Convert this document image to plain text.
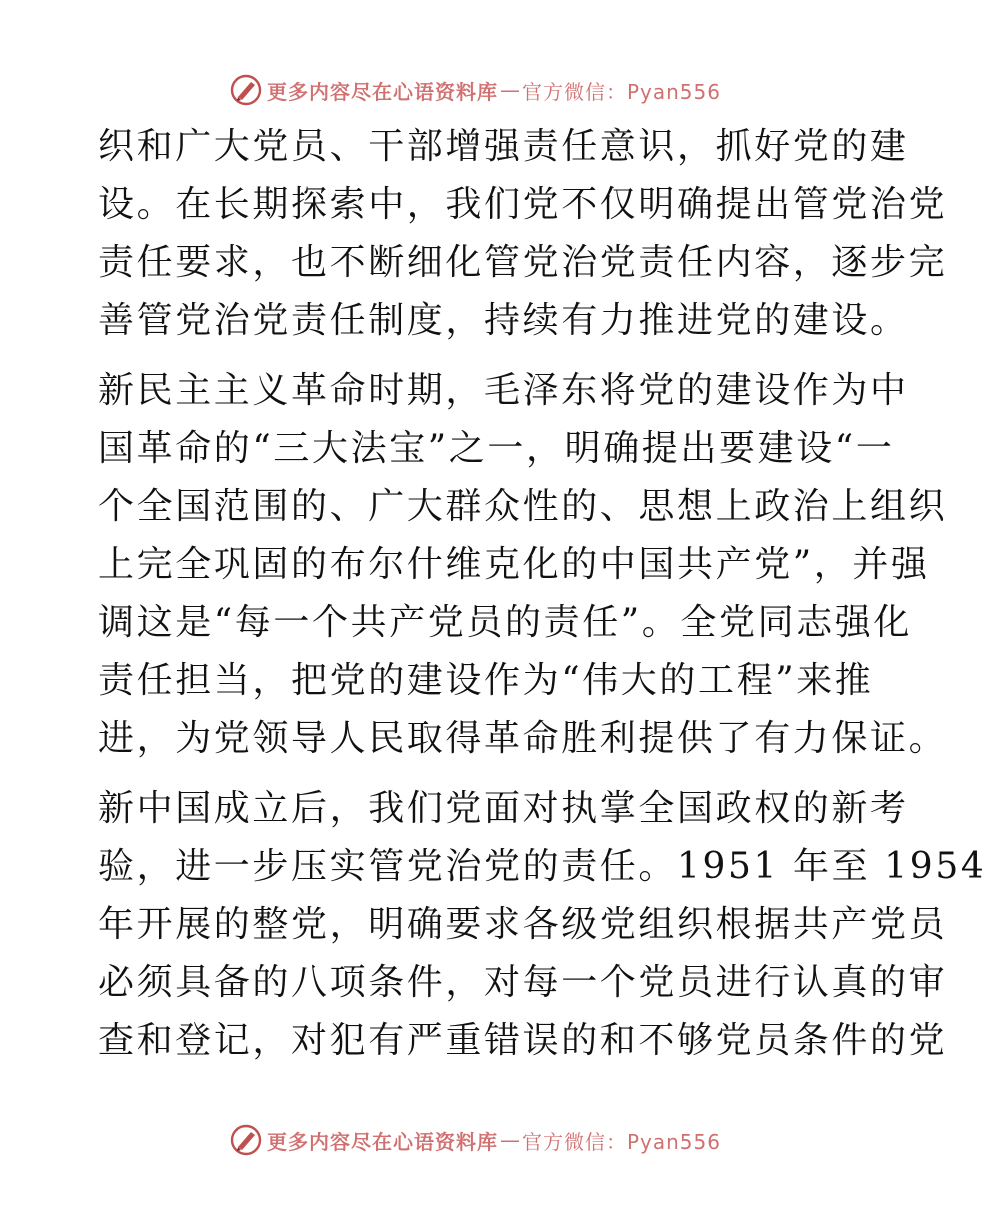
更多内容尽在心语资料库 — 官方微信：Pyan556
织和广大党员、干部增强责任意识，抓好党的建
设。在长期探索中，我们党不仅明确提出管党治党
责任要求，也不断细化管党治党责任内容，逐步完
善管党治党责任制度，持续有力推进党的建设。
新民主主义革命时期，毛泽东将党的建设作为中
国革命的“三大法宝”之一，明确提出要建设“一
个全国范围的、广大群众性的、思想上政治上组织
上完全巩固的布尔什维克化的中国共产党”，并强
调这是“每一个共产党员的责任”。全党同志强化
责任担当，把党的建设作为“伟大的工程”来推
进，为党领导人民取得革命胜利提供了有力保证。
新中国成立后，我们党面对执掌全国政权的新考
验，进一步压实管党治党的责任。1951 年至 1954
年开展的整党，明确要求各级党组织根据共产党员
必须具备的八项条件，对每一个党员进行认真的审
查和登记，对犯有严重错误的和不够党员条件的党
更多内容尽在心语资料库 — 官方微信：Pyan556
